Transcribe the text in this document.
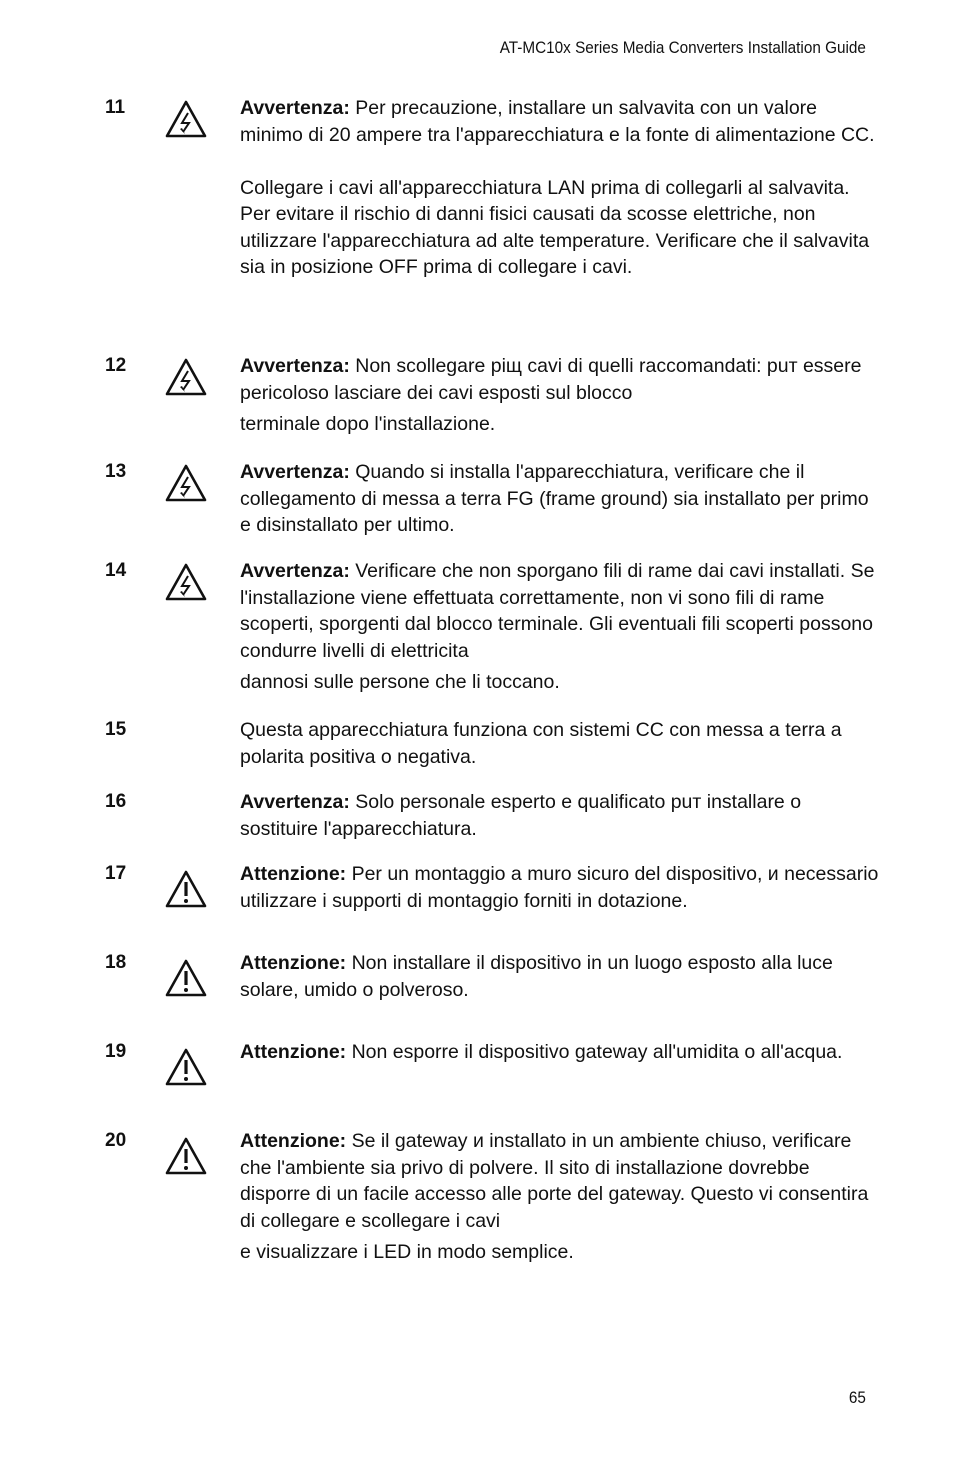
AT-MC10x Series Media Converters Installation Guide
11	Avvertenza: Per precauzione, installare un salvavita con un valore minimo di 20 ampere tra l'apparecchiatura e la fonte di alimentazione CC.

Collegare i cavi all'apparecchiatura LAN prima di collegarli al salvavita. Per evitare il rischio di danni fisici causati da scosse elettriche, non utilizzare l'apparecchiatura ad alte temperature. Verificare che il salvavita sia in posizione OFF prima di collegare i cavi.

12	Avvertenza: Non scollegare piщ cavi di quelli raccomandati: puт essere pericoloso lasciare dei cavi esposti sul blocco
terminale dopo l'installazione.

13	Avvertenza: Quando si installa l'apparecchiatura, verificare che il collegamento di messa a terra FG (frame ground) sia installato per primo e disinstallato per ultimo.

14	Avvertenza: Verificare che non sporgano fili di rame dai cavi installati. Se l'installazione viene effettuata correttamente, non vi sono fili di rame scoperti, sporgenti dal blocco terminale. Gli eventuali fili scoperti possono condurre livelli di elettricita
dannosi sulle persone che li toccano.

15	Questa apparecchiatura funziona con sistemi CC con messa a terra a polarita positiva o negativa.

16	Avvertenza: Solo personale esperto e qualificato puт installare o sostituire l'apparecchiatura.

17	Attenzione: Per un montaggio a muro sicuro del dispositivo, и necessario utilizzare i supporti di montaggio forniti in dotazione.

18	Attenzione: Non installare il dispositivo in un luogo esposto alla luce solare, umido o polveroso.

19	Attenzione: Non esporre il dispositivo gateway all'umidita o all'acqua.

20	Attenzione: Se il gateway и installato in un ambiente chiuso, verificare che l'ambiente sia privo di polvere. Il sito di installazione dovrebbe disporre di un facile accesso alle porte del gateway. Questo vi consentira di collegare e scollegare i cavi
e visualizzare i LED in modo semplice.

65
